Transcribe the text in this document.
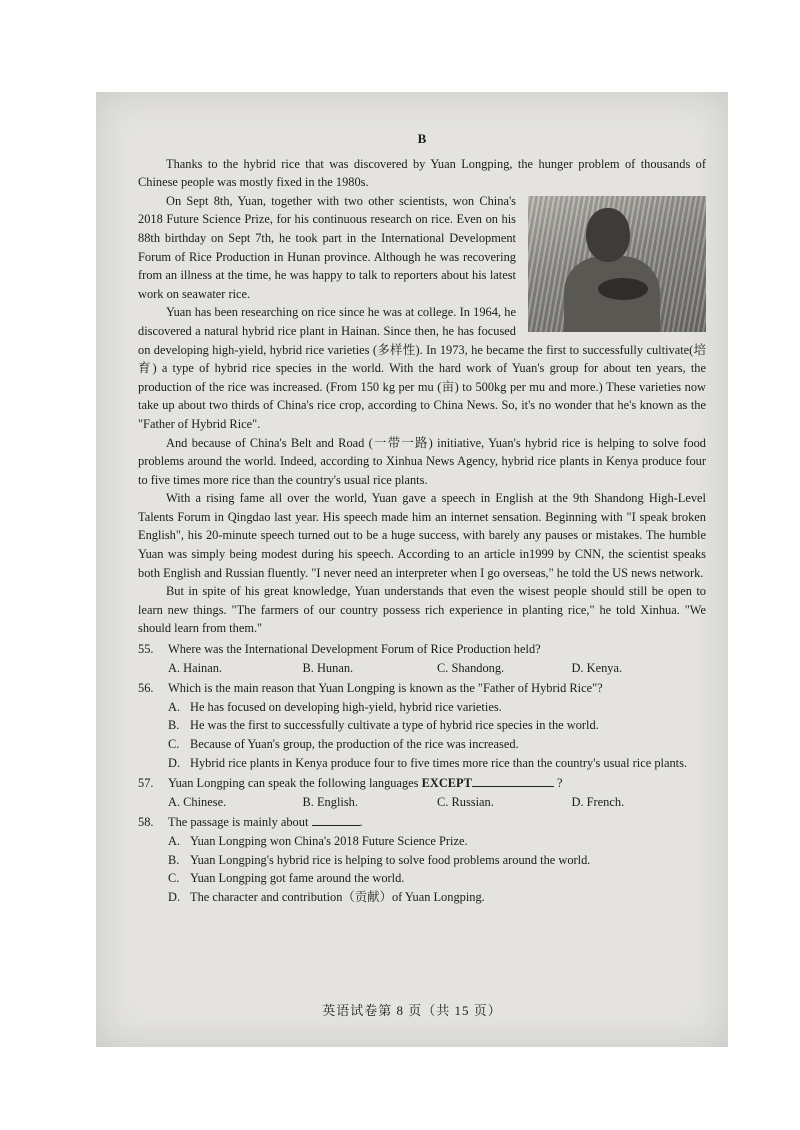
B

Thanks to the hybrid rice that was discovered by Yuan Longping, the hunger problem of thousands of Chinese people was mostly fixed in the 1980s.

On Sept 8th, Yuan, together with two other scientists, won China's 2018 Future Science Prize, for his continuous research on rice. Even on his 88th birthday on Sept 7th, he took part in the International Development Forum of Rice Production in Hunan province. Although he was recovering from an illness at the time, he was happy to talk to reporters about his latest work on seawater rice.

Yuan has been researching on rice since he was at college. In 1964, he discovered a natural hybrid rice plant in Hainan. Since then, he has focused on developing high-yield, hybrid rice varieties (多样性). In 1973, he became the first to successfully cultivate(培育) a type of hybrid rice species in the world. With the hard work of Yuan's group for about ten years, the production of the rice was increased. (From 150 kg per mu (亩) to 500kg per mu and more.) These varieties now take up about two thirds of China's rice crop, according to China News. So, it's no wonder that he's known as the "Father of Hybrid Rice".

And because of China's Belt and Road (一带一路) initiative, Yuan's hybrid rice is helping to solve food problems around the world. Indeed, according to Xinhua News Agency, hybrid rice plants in Kenya produce four to five times more rice than the country's usual rice plants.

With a rising fame all over the world, Yuan gave a speech in English at the 9th Shandong High-Level Talents Forum in Qingdao last year. His speech made him an internet sensation. Beginning with "I speak broken English", his 20-minute speech turned out to be a huge success, with barely any pauses or mistakes. The humble Yuan was simply being modest during his speech. According to an article in1999 by CNN, the scientist speaks both English and Russian fluently. "I never need an interpreter when I go overseas," he told the US news network.

But in spite of his great knowledge, Yuan understands that even the wisest people should still be open to learn new things. "The farmers of our country possess rich experience in planting rice," he told Xinhua. "We should learn from them."

55.	Where was the International Development Forum of Rice Production held?
A. Hainan.	B. Hunan.	C. Shandong.	D. Kenya.
56.	Which is the main reason that Yuan Longping is known as the "Father of Hybrid Rice"?
A. He has focused on developing high-yield, hybrid rice varieties.
B. He was the first to successfully cultivate a type of hybrid rice species in the world.
C. Because of Yuan's group, the production of the rice was increased.
D. Hybrid rice plants in Kenya produce four to five times more rice than the country's usual rice plants.
57.	Yuan Longping can speak the following languages EXCEPT	?
A. Chinese.	B. English.	C. Russian.	D. French.
58.	The passage is mainly about	.
A. Yuan Longping won China's 2018 Future Science Prize.
B. Yuan Longping's hybrid rice is helping to solve food problems around the world.
C. Yuan Longping got fame around the world.
D. The character and contribution（贡献）of Yuan Longping.
英语试卷第 8 页（共 15 页）
